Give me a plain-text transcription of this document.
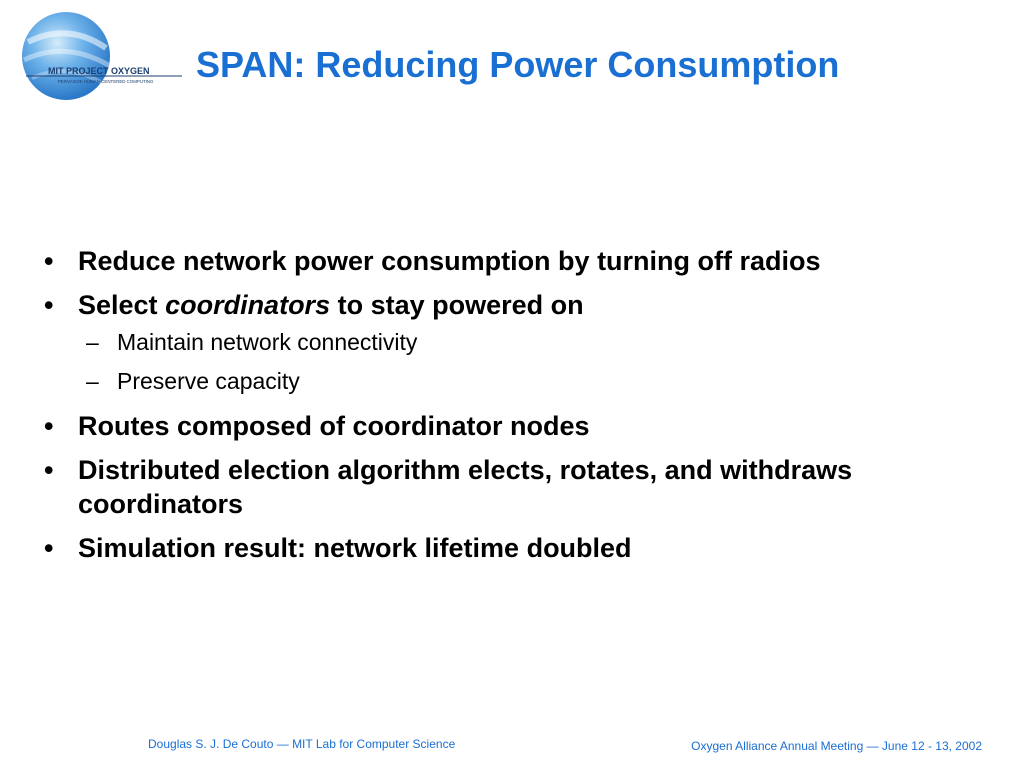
MIT PROJECT OXYGEN
PERVASIVE HUMAN-CENTERED COMPUTING SPAN: Reducing Power Consumption
• Reduce network power consumption by turning off radios
• Select coordinators to stay powered on
– Maintain network connectivity
– Preserve capacity
• Routes composed of coordinator nodes
• Distributed election algorithm elects, rotates, and withdraws coordinators
• Simulation result: network lifetime doubled
Douglas S. J. De Couto — MIT Lab for Computer Science	Oxygen Alliance Annual Meeting — June 12 - 13, 2002
